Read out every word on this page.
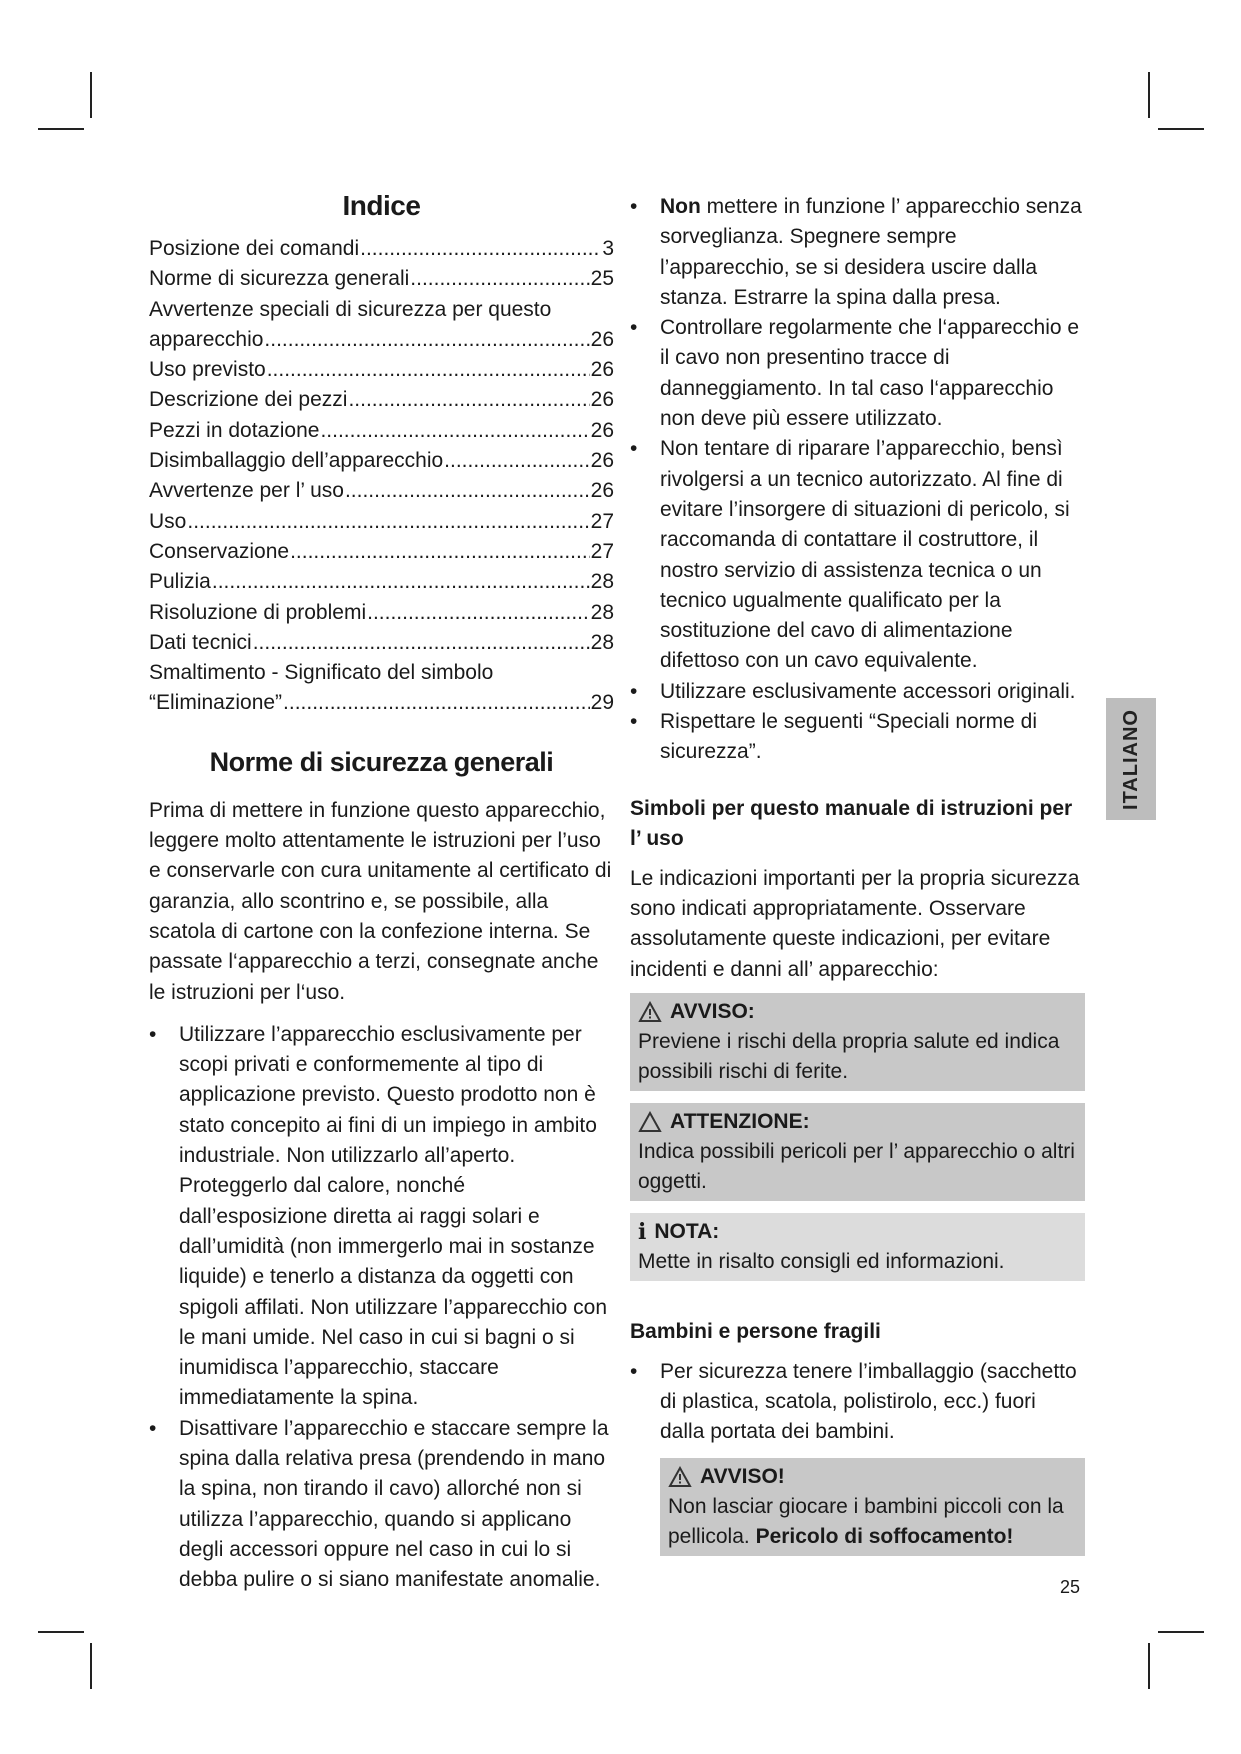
Indice
Posizione dei comandi .....	3
Norme di sicurezza generali .....	25
Avvertenze speciali di sicurezza per questo
apparecchio .....	26
Uso previsto .....	26
Descrizione dei pezzi .....	26
Pezzi in dotazione .....	26
Disimballaggio dell’apparecchio .....	26
Avvertenze per l’ uso .....	26
Uso .....	27
Conservazione .....	27
Pulizia .....	28
Risoluzione di problemi .....	28
Dati tecnici .....	28
Smaltimento - Significato del simbolo
“Eliminazione” .....	29
Norme di sicurezza generali

Prima di mettere in funzione questo apparecchio, leggere molto attentamente le istruzioni per l’uso e conservarle con cura unitamente al certificato di garanzia, allo scontrino e, se possibile, alla scatola di cartone con la confezione interna. Se passate l‘apparecchio a terzi, consegnate anche le istruzioni per l‘uso.

• Utilizzare l’apparecchio esclusivamente per scopi privati e conformemente al tipo di applicazione previsto. Questo prodotto non è stato concepito ai fini di un impiego in ambito industriale. Non utilizzarlo all’aperto. Proteggerlo dal calore, nonché dall’esposizione diretta ai raggi solari e dall’umidità (non immergerlo mai in sostanze liquide) e tenerlo a distanza da oggetti con spigoli affilati. Non utilizzare l’apparecchio con le mani umide. Nel caso in cui si bagni o si inumidisca l’apparecchio, staccare immediatamente la spina.
• Disattivare l’apparecchio e staccare sempre la spina dalla relativa presa (prendendo in mano la spina, non tirando il cavo) allorché non si utilizza l’apparecchio, quando si applicano degli accessori oppure nel caso in cui lo si debba pulire o si siano manifestate anomalie.
• Non mettere in funzione l’ apparecchio senza sorveglianza. Spegnere sempre l’apparecchio, se si desidera uscire dalla stanza. Estrarre la spina dalla presa.
• Controllare regolarmente che l‘apparecchio e il cavo non presentino tracce di danneggiamento. In tal caso l‘apparecchio non deve più essere utilizzato.
• Non tentare di riparare l’apparecchio, bensì rivolgersi a un tecnico autorizzato. Al fine di evitare l’insorgere di situazioni di pericolo, si raccomanda di contattare il costruttore, il nostro servizio di assistenza tecnica o un tecnico ugualmente qualificato per la sostituzione del cavo di alimentazione difettoso con un cavo equivalente.
• Utilizzare esclusivamente accessori originali.
• Rispettare le seguenti “Speciali norme di sicurezza”.
Simboli per questo manuale di istruzioni per l’ uso

Le indicazioni importanti per la propria sicurezza sono indicati appropriatamente. Osservare assolutamente queste indicazioni, per evitare incidenti e danni all’ apparecchio:

AVVISO:
Previene i rischi della propria salute ed indica possibili rischi di ferite.
ATTENZIONE:
Indica possibili pericoli per l’ apparecchio o altri oggetti.
i NOTA:
Mette in risalto consigli ed informazioni.
Bambini e persone fragili
• Per sicurezza tenere l’imballaggio (sacchetto di plastica, scatola, polistirolo, ecc.) fuori dalla portata dei bambini.
AVVISO!
Non lasciar giocare i bambini piccoli con la pellicola. Pericolo di soffocamento!
ITALIANO
25
